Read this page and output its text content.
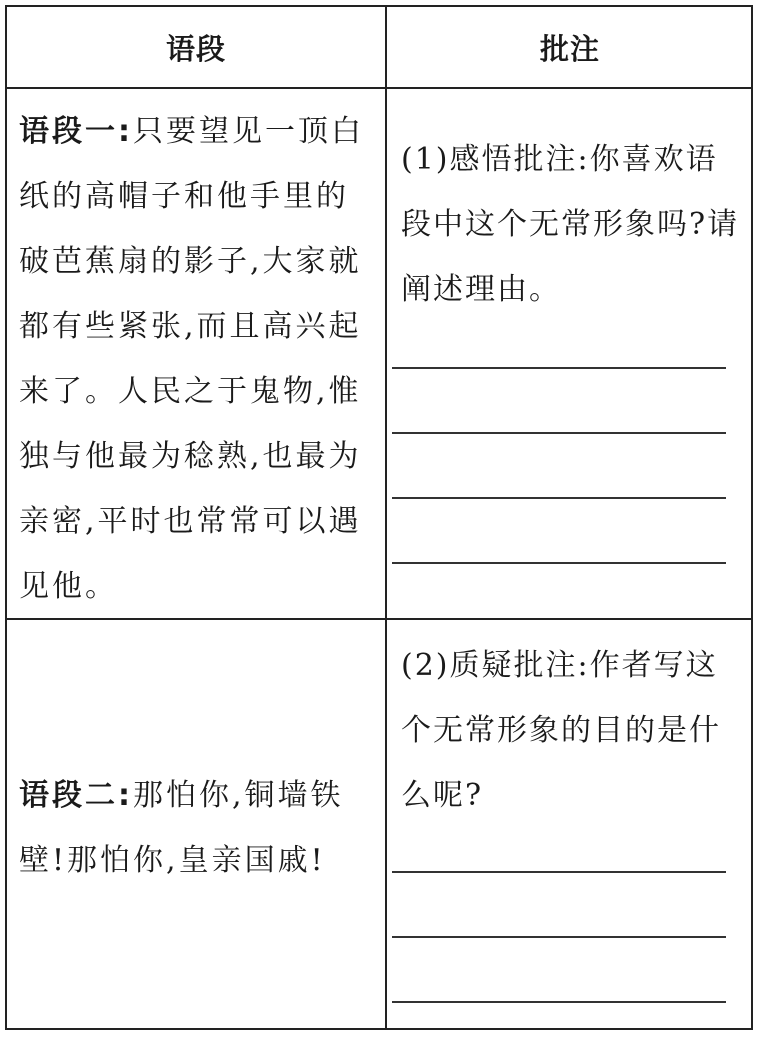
语段	批注
语段一:只要望见一顶白纸的高帽子和他手里的破芭蕉扇的影子,大家就都有些紧张,而且高兴起来了。人民之于鬼物,惟独与他最为稔熟,也最为亲密,平时也常常可以遇见他。
(1)感悟批注:你喜欢语段中这个无常形象吗?请阐述理由。
语段二:那怕你,铜墙铁壁!那怕你,皇亲国戚!
(2)质疑批注:作者写这个无常形象的目的是什么呢?
